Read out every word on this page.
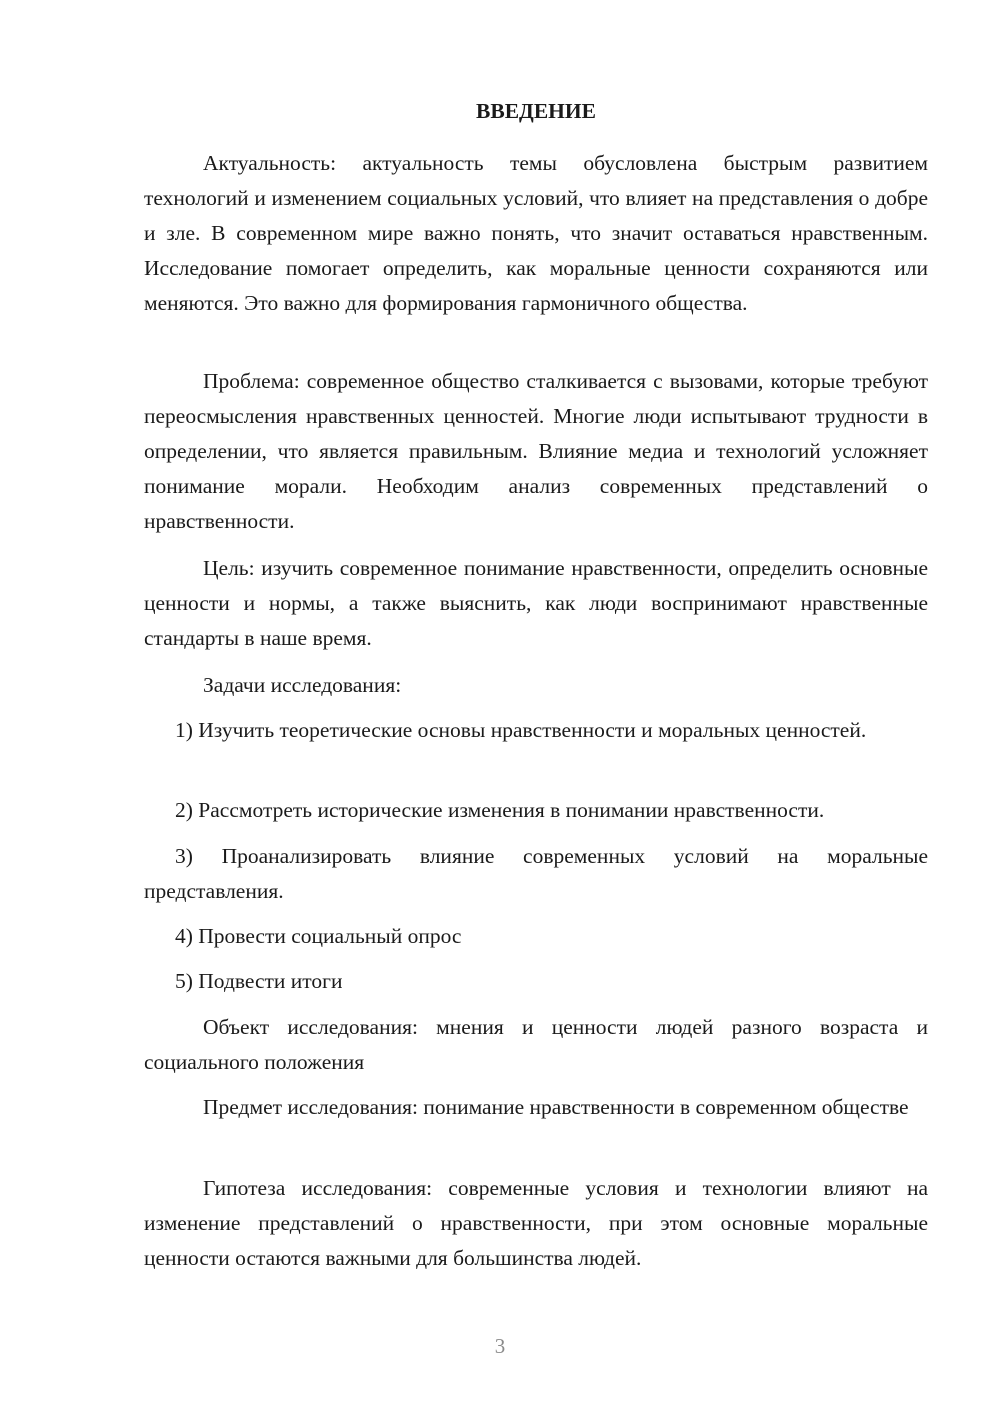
ВВЕДЕНИЕ

Актуальность: актуальность темы обусловлена быстрым развитием технологий и изменением социальных условий, что влияет на представления о добре и зле. В современном мире важно понять, что значит оставаться нравственным. Исследование помогает определить, как моральные ценности сохраняются или меняются. Это важно для формирования гармоничного общества.

Проблема: современное общество сталкивается с вызовами, которые требуют переосмысления нравственных ценностей. Многие люди испытывают трудности в определении, что является правильным. Влияние медиа и технологий усложняет понимание морали. Необходим анализ современных представлений о нравственности.

Цель: изучить современное понимание нравственности, определить основные ценности и нормы, а также выяснить, как люди воспринимают нравственные стандарты в наше время.

Задачи исследования:

1) Изучить теоретические основы нравственности и моральных ценностей.

2) Рассмотреть исторические изменения в понимании нравственности.

3) Проанализировать влияние современных условий на моральные представления.

4) Провести социальный опрос

5) Подвести итоги

Объект исследования: мнения и ценности людей разного возраста и социального положения

Предмет исследования: понимание нравственности в современном обществе

Гипотеза исследования: современные условия и технологии влияют на изменение представлений о нравственности, при этом основные моральные ценности остаются важными для большинства людей.

3
